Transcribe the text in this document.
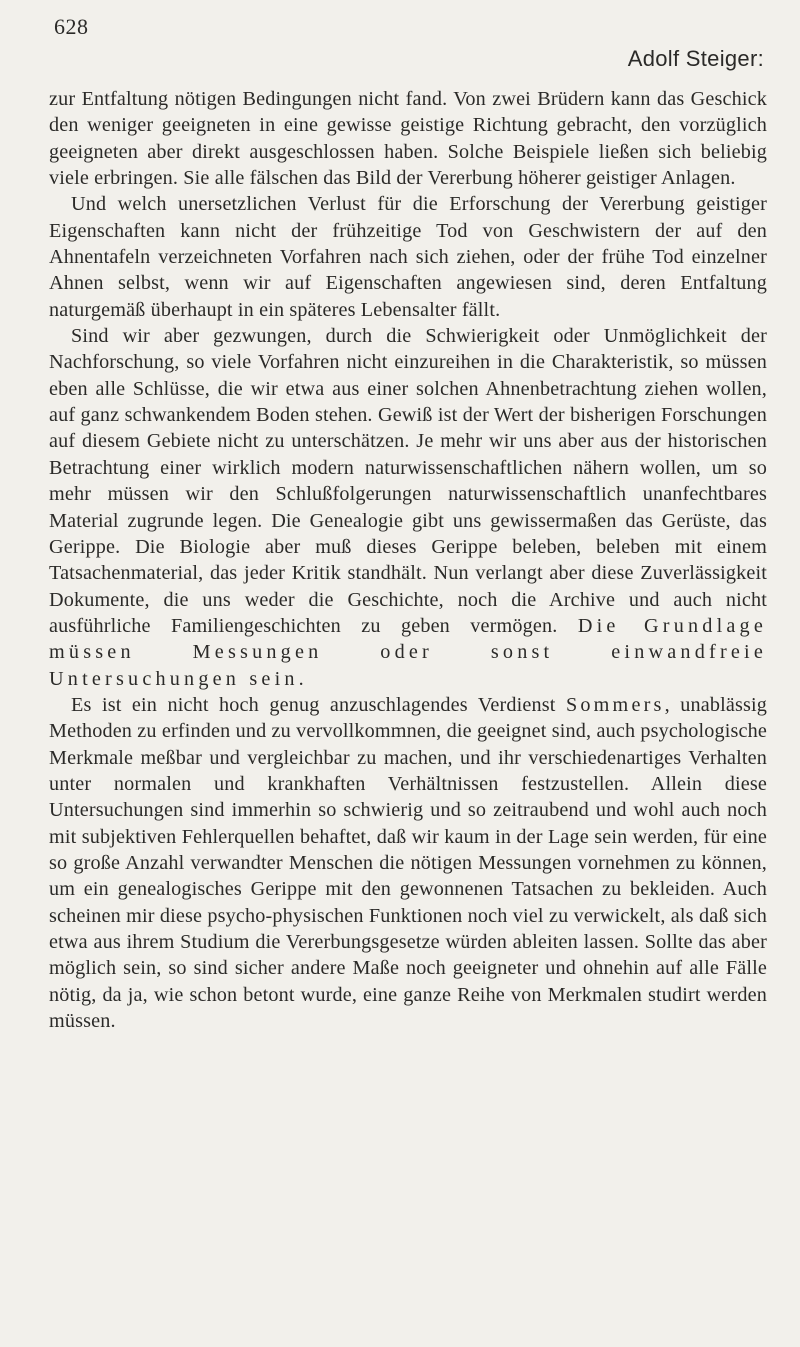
628
Adolf Steiger:

zur Entfaltung nötigen Bedingungen nicht fand. Von zwei Brüdern kann das Geschick den weniger geeigneten in eine gewisse geistige Richtung gebracht, den vorzüglich geeigneten aber direkt ausgeschlossen haben. Solche Beispiele ließen sich beliebig viele erbringen. Sie alle fälschen das Bild der Vererbung höherer geistiger Anlagen.

Und welch unersetzlichen Verlust für die Erforschung der Vererbung geistiger Eigenschaften kann nicht der frühzeitige Tod von Geschwistern der auf den Ahnentafeln verzeichneten Vorfahren nach sich ziehen, oder der frühe Tod einzelner Ahnen selbst, wenn wir auf Eigenschaften angewiesen sind, deren Entfaltung naturgemäß überhaupt in ein späteres Lebensalter fällt.

Sind wir aber gezwungen, durch die Schwierigkeit oder Unmöglichkeit der Nachforschung, so viele Vorfahren nicht einzureihen in die Charakteristik, so müssen eben alle Schlüsse, die wir etwa aus einer solchen Ahnenbetrachtung ziehen wollen, auf ganz schwankendem Boden stehen. Gewiß ist der Wert der bisherigen Forschungen auf diesem Gebiete nicht zu unterschätzen. Je mehr wir uns aber aus der historischen Betrachtung einer wirklich modern naturwissenschaftlichen nähern wollen, um so mehr müssen wir den Schlußfolgerungen naturwissenschaftlich unanfechtbares Material zugrunde legen. Die Genealogie gibt uns gewissermaßen das Gerüste, das Gerippe. Die Biologie aber muß dieses Gerippe beleben, beleben mit einem Tatsachenmaterial, das jeder Kritik standhält. Nun verlangt aber diese Zuverlässigkeit Dokumente, die uns weder die Geschichte, noch die Archive und auch nicht ausführliche Familiengeschichten zu geben vermögen. Die Grundlage müssen Messungen oder sonst einwandfreie Untersuchungen sein.

Es ist ein nicht hoch genug anzuschlagendes Verdienst Sommers, unablässig Methoden zu erfinden und zu vervollkommnen, die geeignet sind, auch psychologische Merkmale meßbar und vergleichbar zu machen, und ihr verschiedenartiges Verhalten unter normalen und krankhaften Verhältnissen festzustellen. Allein diese Untersuchungen sind immerhin so schwierig und so zeitraubend und wohl auch noch mit subjektiven Fehlerquellen behaftet, daß wir kaum in der Lage sein werden, für eine so große Anzahl verwandter Menschen die nötigen Messungen vornehmen zu können, um ein genealogisches Gerippe mit den gewonnenen Tatsachen zu bekleiden. Auch scheinen mir diese psycho-physischen Funktionen noch viel zu verwickelt, als daß sich etwa aus ihrem Studium die Vererbungsgesetze würden ableiten lassen. Sollte das aber möglich sein, so sind sicher andere Maße noch geeigneter und ohnehin auf alle Fälle nötig, da ja, wie schon betont wurde, eine ganze Reihe von Merkmalen studirt werden müssen.
